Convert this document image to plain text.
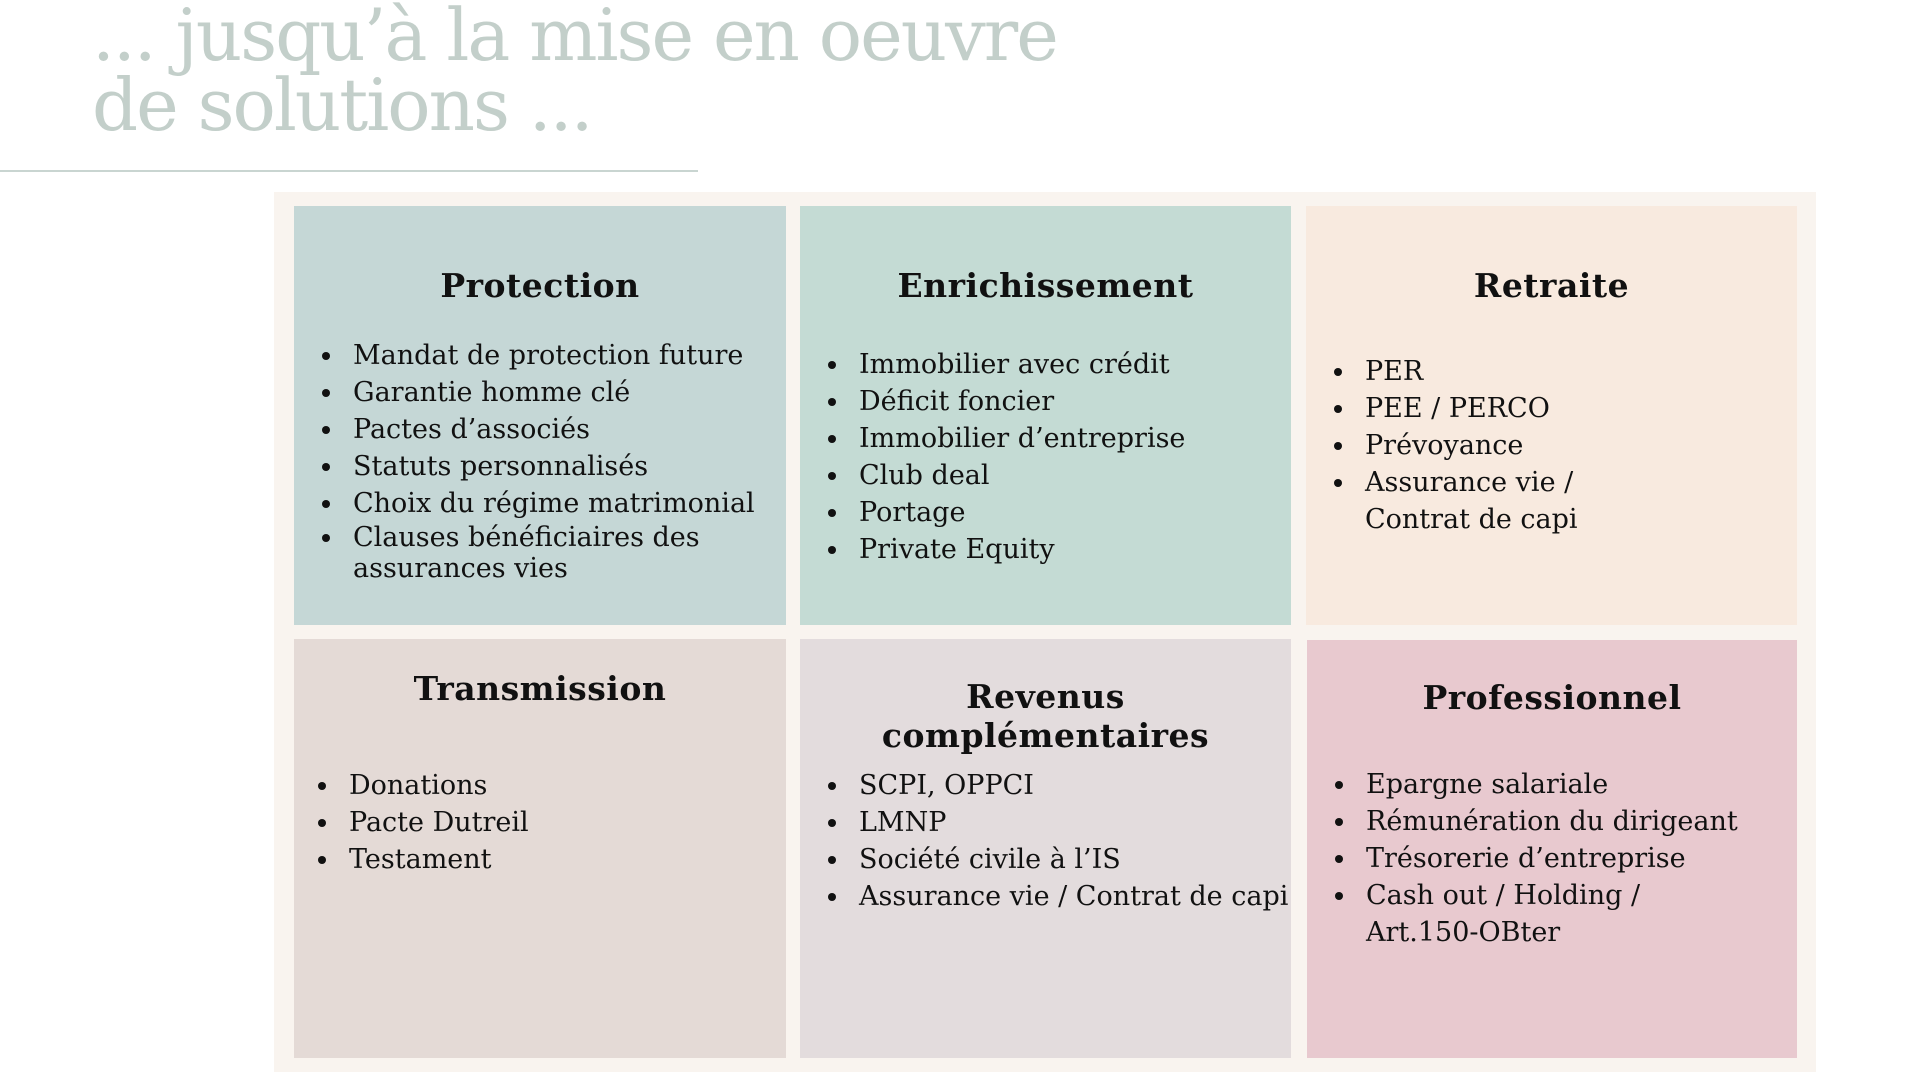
... jusqu’à la mise en oeuvre
de solutions ...
Protection
• Mandat de protection future
• Garantie homme clé
• Pactes d’associés
• Statuts personnalisés
• Choix du régime matrimonial
• Clauses bénéficiaires des assurances vies
Enrichissement
• Immobilier avec crédit
• Déficit foncier
• Immobilier d’entreprise
• Club deal
• Portage
• Private Equity
Retraite
• PER
• PEE / PERCO
• Prévoyance
• Assurance vie / Contrat de capi
Transmission
• Donations
• Pacte Dutreil
• Testament
Revenus complémentaires
• SCPI, OPPCI
• LMNP
• Société civile à l’IS
• Assurance vie / Contrat de capi
Professionnel
• Epargne salariale
• Rémunération du dirigeant
• Trésorerie d’entreprise
• Cash out / Holding / Art.150-OBter
